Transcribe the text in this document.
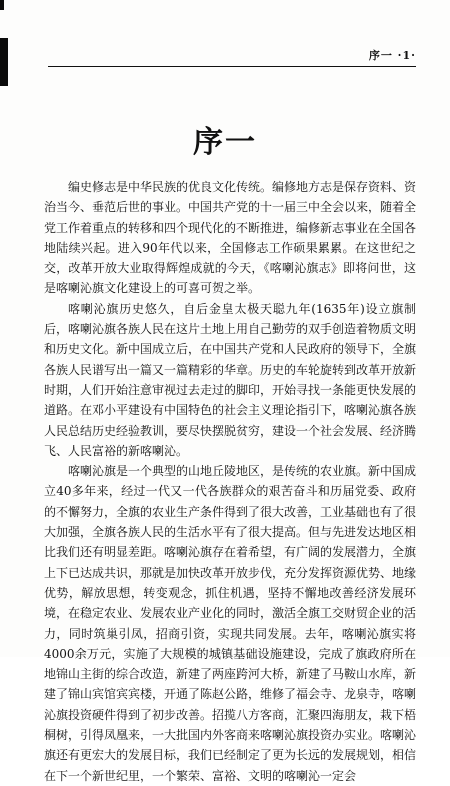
序一 ·1·
序一

编史修志是中华民族的优良文化传统。编修地方志是保存资料、资治当今、垂范后世的事业。中国共产党的十一届三中全会以来，随着全党工作着重点的转移和四个现代化的不断推进，编修新志事业在全国各地陆续兴起。进入90年代以来，全国修志工作硕果累累。在这世纪之交，改革开放大业取得辉煌成就的今天，《喀喇沁旗志》即将问世，这是喀喇沁旗文化建设上的可喜可贺之举。

喀喇沁旗历史悠久，自后金皇太极天聪九年(1635年)设立旗制后，喀喇沁旗各族人民在这片土地上用自己勤劳的双手创造着物质文明和历史文化。新中国成立后，在中国共产党和人民政府的领导下，全旗各族人民谱写出一篇又一篇精彩的华章。历史的车轮旋转到改革开放新时期，人们开始注意审视过去走过的脚印，开始寻找一条能更快发展的道路。在邓小平建设有中国特色的社会主义理论指引下，喀喇沁旗各族人民总结历史经验教训，要尽快摆脱贫穷，建设一个社会发展、经济腾飞、人民富裕的新喀喇沁。

喀喇沁旗是一个典型的山地丘陵地区，是传统的农业旗。新中国成立40多年来，经过一代又一代各族群众的艰苦奋斗和历届党委、政府的不懈努力，全旗的农业生产条件得到了很大改善，工业基础也有了很大加强，全旗各族人民的生活水平有了很大提高。但与先进发达地区相比我们还有明显差距。喀喇沁旗存在着希望，有广阔的发展潜力，全旗上下已达成共识，那就是加快改革开放步伐，充分发挥资源优势、地缘优势，解放思想，转变观念，抓住机遇，坚持不懈地改善经济发展环境，在稳定农业、发展农业产业化的同时，激活全旗工交财贸企业的活力，同时筑巢引凤，招商引资，实现共同发展。去年，喀喇沁旗实将4000余万元，实施了大规模的城镇基础设施建设，完成了旗政府所在地锦山主街的综合改造，新建了两座跨河大桥，新建了马鞍山水库，新建了锦山宾馆宾宾楼，开通了陈赵公路，维修了福会寺、龙泉寺，喀喇沁旗投资硬件得到了初步改善。招揽八方客商，汇聚四海朋友，栽下梧桐树，引得凤凰来，一大批国内外客商来喀喇沁旗投资办实业。喀喇沁旗还有更宏大的发展目标，我们已经制定了更为长远的发展规划，相信在下一个新世纪里，一个繁荣、富裕、文明的喀喇沁一定会
